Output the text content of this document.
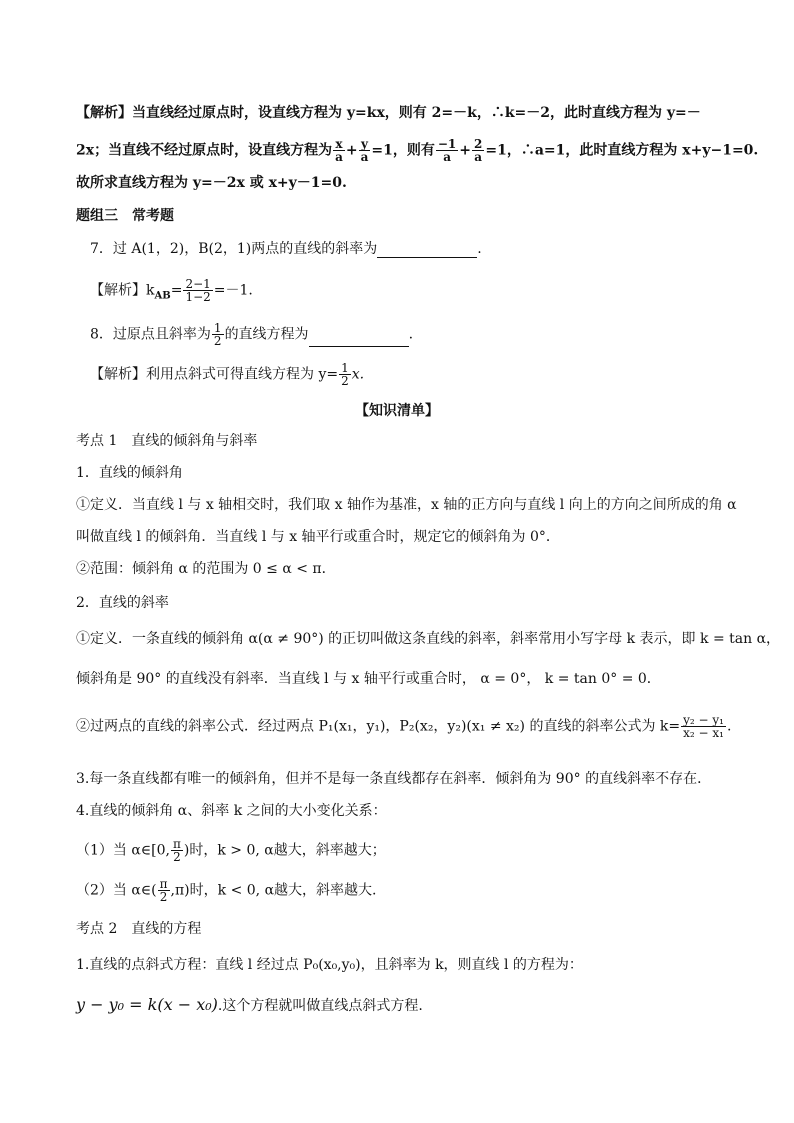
【解析】当直线经过原点时，设直线方程为 y=kx，则有 2=－k，∴k=－2，此时直线方程为 y=－
2x；当直线不经过原点时，设直线方程为 $\frac{x}{a} + \frac{y}{a} =1$，则有 $\frac{-1}{a} + \frac{2}{a} =1$，∴a=1，此时直线方程为 x+y−1=0.
故所求直线方程为 y=－2x 或 x+y－1=0.
题组三　常考题
7．过 A(1，2)，B(2，1)两点的直线的斜率为	.
【解析】$k_{AB}= \frac{2-1}{1-2} =-1$.
8．过原点且斜率为 $\frac{1}{2}$ 的直线方程为	.
【解析】利用点斜式可得直线方程为 $y= \frac{1}{2} x$.
【知识清单】
考点 1　直线的倾斜角与斜率
1．直线的倾斜角
①定义．当直线 l 与 x 轴相交时，我们取 x 轴作为基准，x 轴的正方向与直线 l 向上的方向之间所成的角 α
叫做直线 l 的倾斜角．当直线 l 与 x 轴平行或重合时，规定它的倾斜角为 0°．
②范围：倾斜角 α 的范围为 0 ≤ α < π．
2．直线的斜率
①定义．一条直线的倾斜角 α(α ≠ 90°) 的正切叫做这条直线的斜率，斜率常用小写字母 k 表示，即 k = tan α，
倾斜角是 90° 的直线没有斜率．当直线 l 与 x 轴平行或重合时， α = 0°， k = tan 0° = 0．
②过两点的直线的斜率公式．经过两点 P₁(x₁，y₁)，P₂(x₂，y₂)(x₁ ≠ x₂) 的直线的斜率公式为 $k= \frac{\text{y₂ − y₁}}{\text{x₂ − x₁}}$ .
3.每一条直线都有唯一的倾斜角，但并不是每一条直线都存在斜率．倾斜角为 90° 的直线斜率不存在．
4.直线的倾斜角 α、斜率 k 之间的大小变化关系：
（1）当 α∈[0, $\frac{\pi}{2}$ )时，k > 0, α越大，斜率越大；
（2）当 α∈( $\frac{\pi}{2} ,\pi$)时，k < 0, α越大，斜率越大.
考点 2　直线的方程
1.直线的点斜式方程：直线 l 经过点 P₀(x₀,y₀)，且斜率为 k，则直线 l 的方程为：
y − y₀ = k(x − x₀).这个方程就叫做直线点斜式方程.
